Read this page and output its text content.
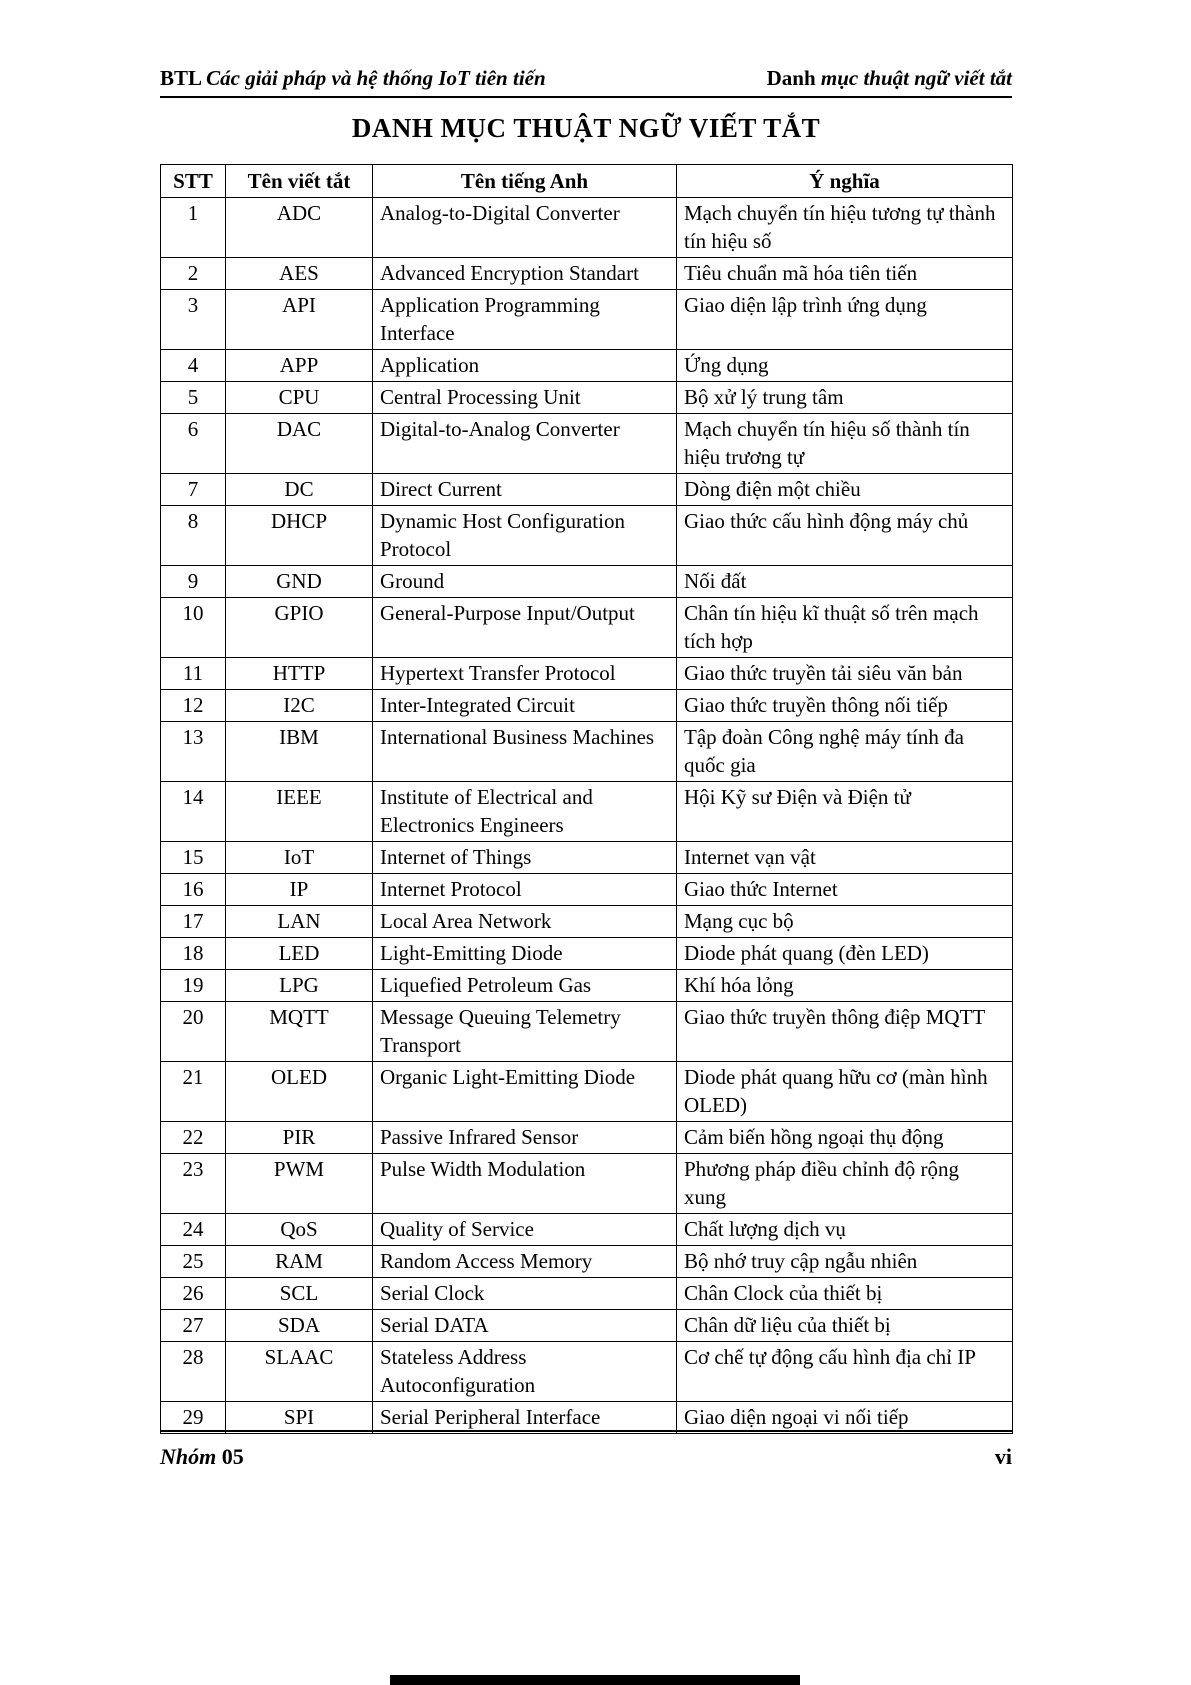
BTL Các giải pháp và hệ thống IoT tiên tiến	Danh mục thuật ngữ viết tắt
DANH MỤC THUẬT NGỮ VIẾT TẮT
STT	Tên viết tắt	Tên tiếng Anh	Ý nghĩa
1	ADC	Analog-to-Digital Converter	Mạch chuyển tín hiệu tương tự thành tín hiệu số
2	AES	Advanced Encryption Standart	Tiêu chuẩn mã hóa tiên tiến
3	API	Application Programming Interface	Giao diện lập trình ứng dụng
4	APP	Application	Ứng dụng
5	CPU	Central Processing Unit	Bộ xử lý trung tâm
6	DAC	Digital-to-Analog Converter	Mạch chuyển tín hiệu số thành tín hiệu trương tự
7	DC	Direct Current	Dòng điện một chiều
8	DHCP	Dynamic Host Configuration Protocol	Giao thức cấu hình động máy chủ
9	GND	Ground	Nối đất
10	GPIO	General-Purpose Input/Output	Chân tín hiệu kĩ thuật số trên mạch tích hợp
11	HTTP	Hypertext Transfer Protocol	Giao thức truyền tải siêu văn bản
12	I2C	Inter-Integrated Circuit	Giao thức truyền thông nối tiếp
13	IBM	International Business Machines	Tập đoàn Công nghệ máy tính đa quốc gia
14	IEEE	Institute of Electrical and Electronics Engineers	Hội Kỹ sư Điện và Điện tử
15	IoT	Internet of Things	Internet vạn vật
16	IP	Internet Protocol	Giao thức Internet
17	LAN	Local Area Network	Mạng cục bộ
18	LED	Light-Emitting Diode	Diode phát quang (đèn LED)
19	LPG	Liquefied Petroleum Gas	Khí hóa lỏng
20	MQTT	Message Queuing Telemetry Transport	Giao thức truyền thông điệp MQTT
21	OLED	Organic Light-Emitting Diode	Diode phát quang hữu cơ (màn hình OLED)
22	PIR	Passive Infrared Sensor	Cảm biến hồng ngoại thụ động
23	PWM	Pulse Width Modulation	Phương pháp điều chỉnh độ rộng xung
24	QoS	Quality of Service	Chất lượng dịch vụ
25	RAM	Random Access Memory	Bộ nhớ truy cập ngẫu nhiên
26	SCL	Serial Clock	Chân Clock của thiết bị
27	SDA	Serial DATA	Chân dữ liệu của thiết bị
28	SLAAC	Stateless Address Autoconfiguration	Cơ chế tự động cấu hình địa chỉ IP
29	SPI	Serial Peripheral Interface	Giao diện ngoại vi nối tiếp
Nhóm 05	vi
